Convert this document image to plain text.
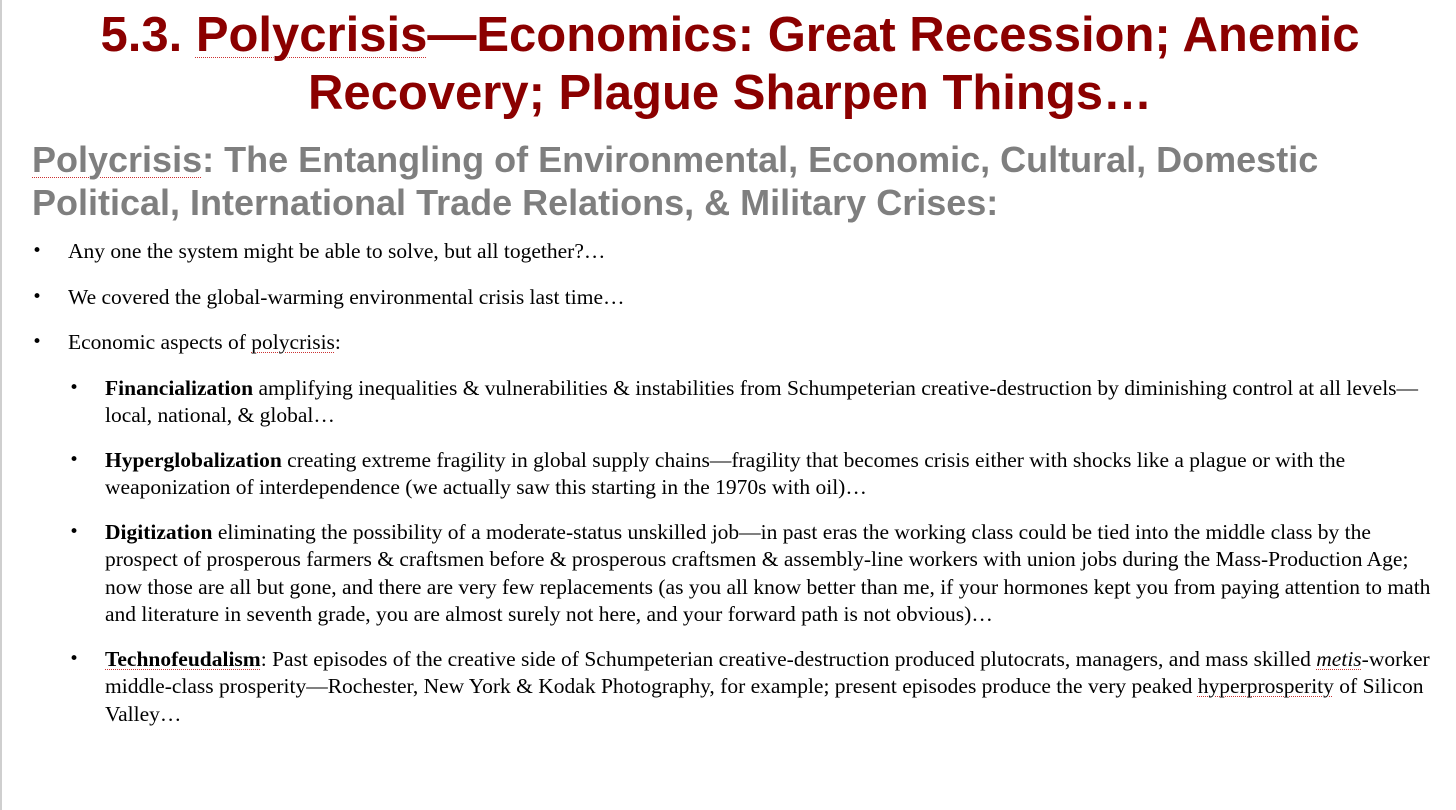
5.3. Polycrisis—Economics: Great Recession; Anemic Recovery; Plague Sharpen Things…
Polycrisis: The Entangling of Environmental, Economic, Cultural, Domestic Political, International Trade Relations, & Military Crises:
• Any one the system might be able to solve, but all together?…
• We covered the global-warming environmental crisis last time…
• Economic aspects of polycrisis:
• Financialization amplifying inequalities & vulnerabilities & instabilities from Schumpeterian creative-destruction by diminishing control at all levels—local, national, & global…
• Hyperglobalization creating extreme fragility in global supply chains—fragility that becomes crisis either with shocks like a plague or with the weaponization of interdependence (we actually saw this starting in the 1970s with oil)…
• Digitization eliminating the possibility of a moderate-status unskilled job—in past eras the working class could be tied into the middle class by the prospect of prosperous farmers & craftsmen before & prosperous craftsmen & assembly-line workers with union jobs during the Mass-Production Age; now those are all but gone, and there are very few replacements (as you all know better than me, if your hormones kept you from paying attention to math and literature in seventh grade, you are almost surely not here, and your forward path is not obvious)…
• Technofeudalism: Past episodes of the creative side of Schumpeterian creative-destruction produced plutocrats, managers, and mass skilled metis-worker middle-class prosperity—Rochester, New York & Kodak Photography, for example; present episodes produce the very peaked hyperprosperity of Silicon Valley…
